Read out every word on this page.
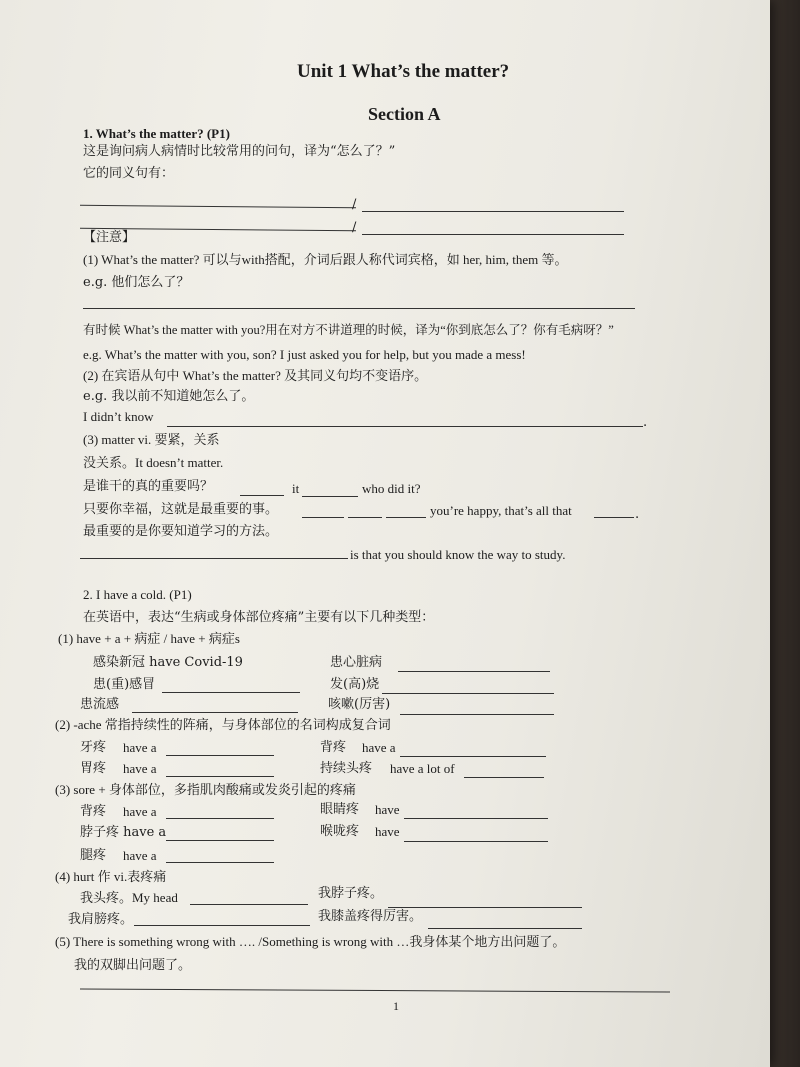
Unit 1 What’s the matter?
Section A
1. What’s the matter? (P1)
这是询问病人病情时比较常用的问句，译为“怎么了？”
它的同义句有：
/
/
【注意】
(1) What’s the matter? 可以与with搭配，介词后跟人称代词宾格，如 her, him, them 等。
e.g. 他们怎么了？
有时候 What’s the matter with you?用在对方不讲道理的时候，译为“你到底怎么了？你有毛病呀？”
e.g. What’s the matter with you, son? I just asked you for help, but you made a mess!
(2) 在宾语从句中 What’s the matter? 及其同义句均不变语序。
e.g. 我以前不知道她怎么了。
I didn’t know	.
(3) matter vi. 要紧，关系
没关系。It doesn’t matter.
是谁干的真的重要吗？	it	who did it?
只要你幸福，这就是最重要的事。	you’re happy, that’s all that	.
最重要的是你要知道学习的方法。
is that you should know the way to study.
2. I have a cold. (P1)
在英语中，表达“生病或身体部位疼痛”主要有以下几种类型：
(1) have + a + 病症 / have + 病症s
感染新冠 have Covid-19	患心脏病
患(重)感冒	发(高)烧
患流感	咳嗽(厉害)
(2) -ache 常指持续性的阵痛，与身体部位的名词构成复合词
牙疼 have a	背疼 have a
胃疼 have a	持续头疼 have a lot of
(3) sore + 身体部位，多指肌肉酸痛或发炎引起的疼痛
背疼 have a	眼睛疼 have
脖子疼 have a	喉咙疼 have
腿疼 have a
(4) hurt 作 vi.表疼痛
我头疼。My head	我脖子疼。
我肩膀疼。	我膝盖疼得厉害。
(5) There is something wrong with …. /Something is wrong with …我身体某个地方出问题了。
我的双脚出问题了。
1
